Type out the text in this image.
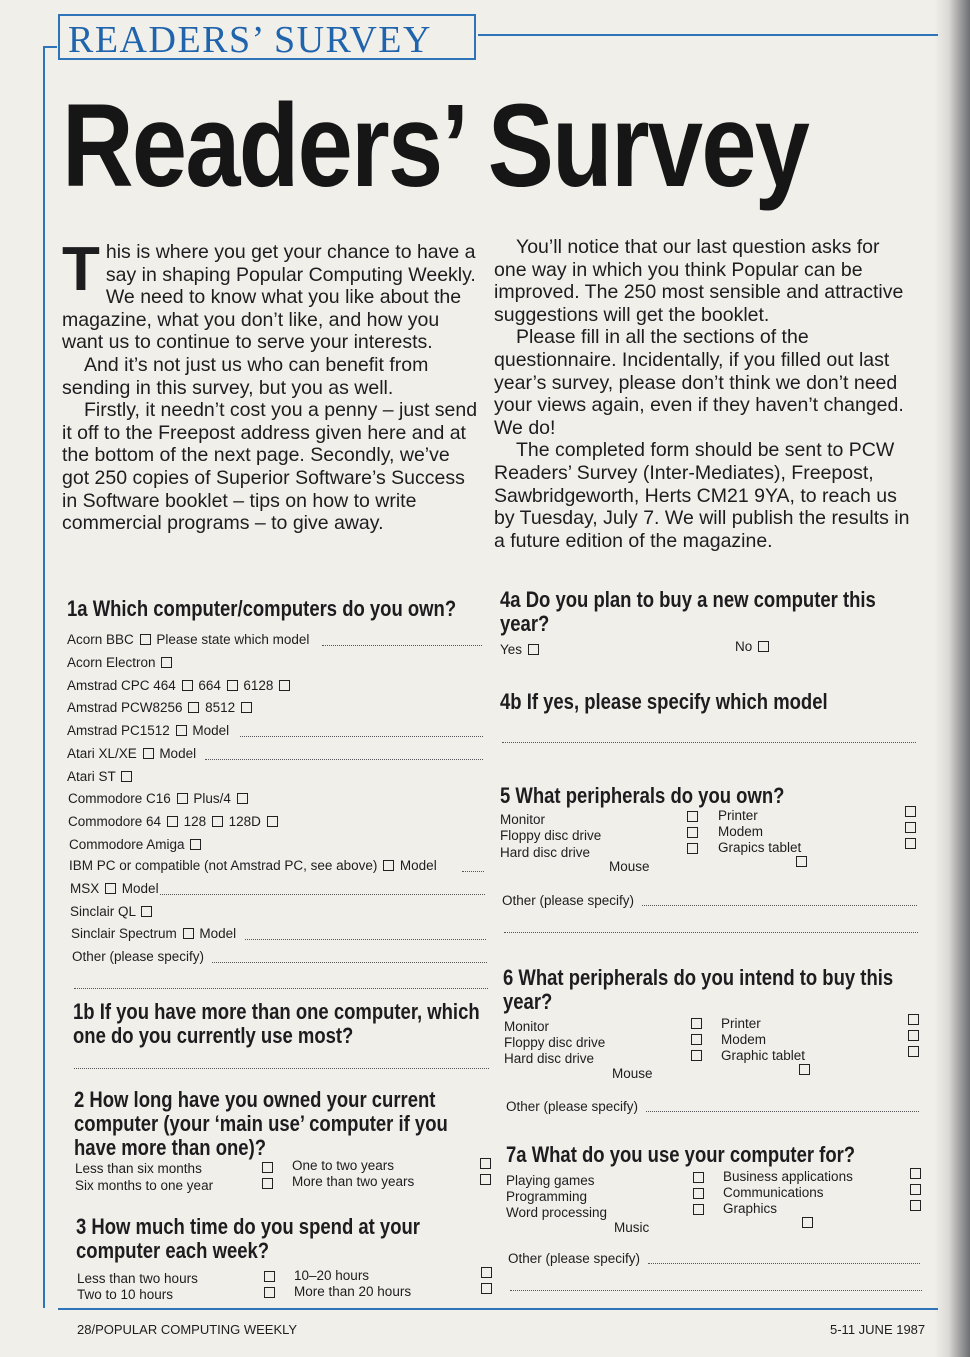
READERS’ SURVEY
Readers’ Survey

This is where you get your chance to have a say in shaping Popular Computing Weekly. We need to know what you like about the magazine, what you don’t like, and how you want us to continue to serve your interests.

And it’s not just us who can benefit from sending in this survey, but you as well.

Firstly, it needn’t cost you a penny – just send it off to the Freepost address given here and at the bottom of the next page. Secondly, we’ve got 250 copies of Superior Software’s Success in Software booklet – tips on how to write commercial programs – to give away.

You’ll notice that our last question asks for one way in which you think Popular can be improved. The 250 most sensible and attractive suggestions will get the booklet.

Please fill in all the sections of the questionnaire. Incidentally, if you filled out last year’s survey, please don’t think we don’t need your views again, even if they haven’t changed. We do!

The completed form should be sent to PCW Readers’ Survey (Inter-Mediates), Freepost, Sawbridgeworth, Herts CM21 9YA, to reach us by Tuesday, July 7. We will publish the results in a future edition of the magazine.

1a Which computer/computers do you own?
Acorn BBC Please state which model
Acorn Electron
Amstrad CPC 464 664 6128
Amstrad PCW8256 8512
Amstrad PC1512 Model
Atari XL/XE Model
Atari ST
Commodore C16 Plus/4
Commodore 64 128 128D
Commodore Amiga
IBM PC or compatible (not Amstrad PC, see above) Model
MSX Model
Sinclair QL
Sinclair Spectrum Model
Other (please specify)
1b If you have more than one computer, which one do you currently use most?
2 How long have you owned your current computer (your ‘main use’ computer if you have more than one)?
Less than six months
Six months to one year
One to two years
More than two years
3 How much time do you spend at your computer each week?
Less than two hours
Two to 10 hours
10–20 hours
More than 20 hours
4a Do you plan to buy a new computer this year?
Yes	No
4b If yes, please specify which model
5 What peripherals do you own?
Monitor
Floppy disc drive
Hard disc drive
Printer
Modem
Grapics tablet
Mouse
Other (please specify)
6 What peripherals do you intend to buy this year?
Monitor
Floppy disc drive
Hard disc drive
Printer
Modem
Graphic tablet
Mouse
Other (please specify)
7a What do you use your computer for?
Playing games
Programming
Word processing
Business applications
Communications
Graphics
Music
Other (please specify)
28/POPULAR COMPUTING WEEKLY	5-11 JUNE 1987
